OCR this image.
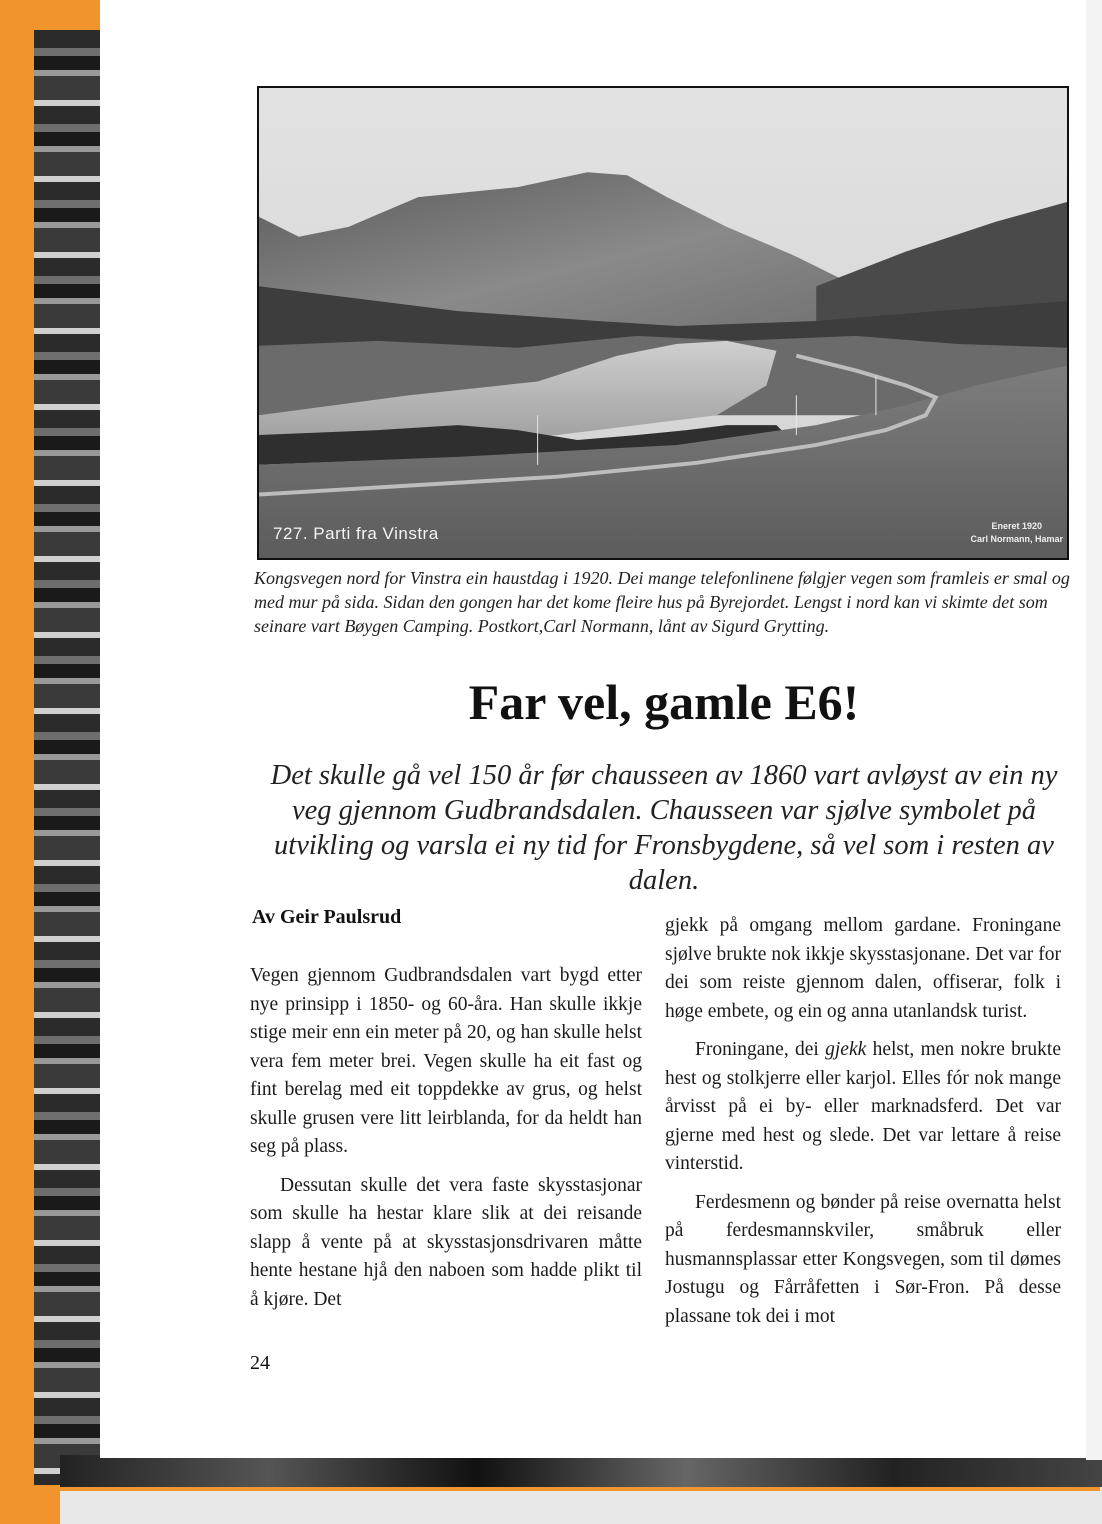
727. Parti fra Vinstra	Eneret 1920
Carl Normann, Hamar
Kongsvegen nord for Vinstra ein haustdag i 1920. Dei mange telefonlinene følgjer vegen som framleis er smal og med mur på sida. Sidan den gongen har det kome fleire hus på Byrejordet. Lengst i nord kan vi skimte det som seinare vart Bøygen Camping. Postkort,Carl Normann, lånt av Sigurd Grytting.
Far vel, gamle E6!
Det skulle gå vel 150 år før chausseen av 1860 vart avløyst av ein ny veg gjennom Gudbrandsdalen. Chausseen var sjølve symbolet på utvikling og varsla ei ny tid for Fronsbygdene, så vel som i resten av dalen.
Av Geir Paulsrud

Vegen gjennom Gudbrandsdalen vart bygd etter nye prinsipp i 1850- og 60-åra. Han skulle ikkje stige meir enn ein meter på 20, og han skulle helst vera fem meter brei. Vegen skulle ha eit fast og fint berelag med eit toppdekke av grus, og helst skulle grusen vere litt leirblanda, for da heldt han seg på plass.

Dessutan skulle det vera faste skysstasjonar som skulle ha hestar klare slik at dei reisande slapp å vente på at skysstasjonsdrivaren måtte hente hestane hjå den naboen som hadde plikt til å kjøre. Det

gjekk på omgang mellom gardane. Froningane sjølve brukte nok ikkje skysstasjonane. Det var for dei som reiste gjennom dalen, offiserar, folk i høge embete, og ein og anna utanlandsk turist.

Froningane, dei gjekk helst, men nokre brukte hest og stolkjerre eller karjol. Elles fór nok mange årvisst på ei by- eller marknadsferd. Det var gjerne med hest og slede. Det var lettare å reise vinterstid.

Ferdesmenn og bønder på reise overnatta helst på ferdesmannskviler, småbruk eller husmannsplassar etter Kongsvegen, som til dømes Jostugu og Fårråfetten i Sør-Fron. På desse plassane tok dei i mot

24
